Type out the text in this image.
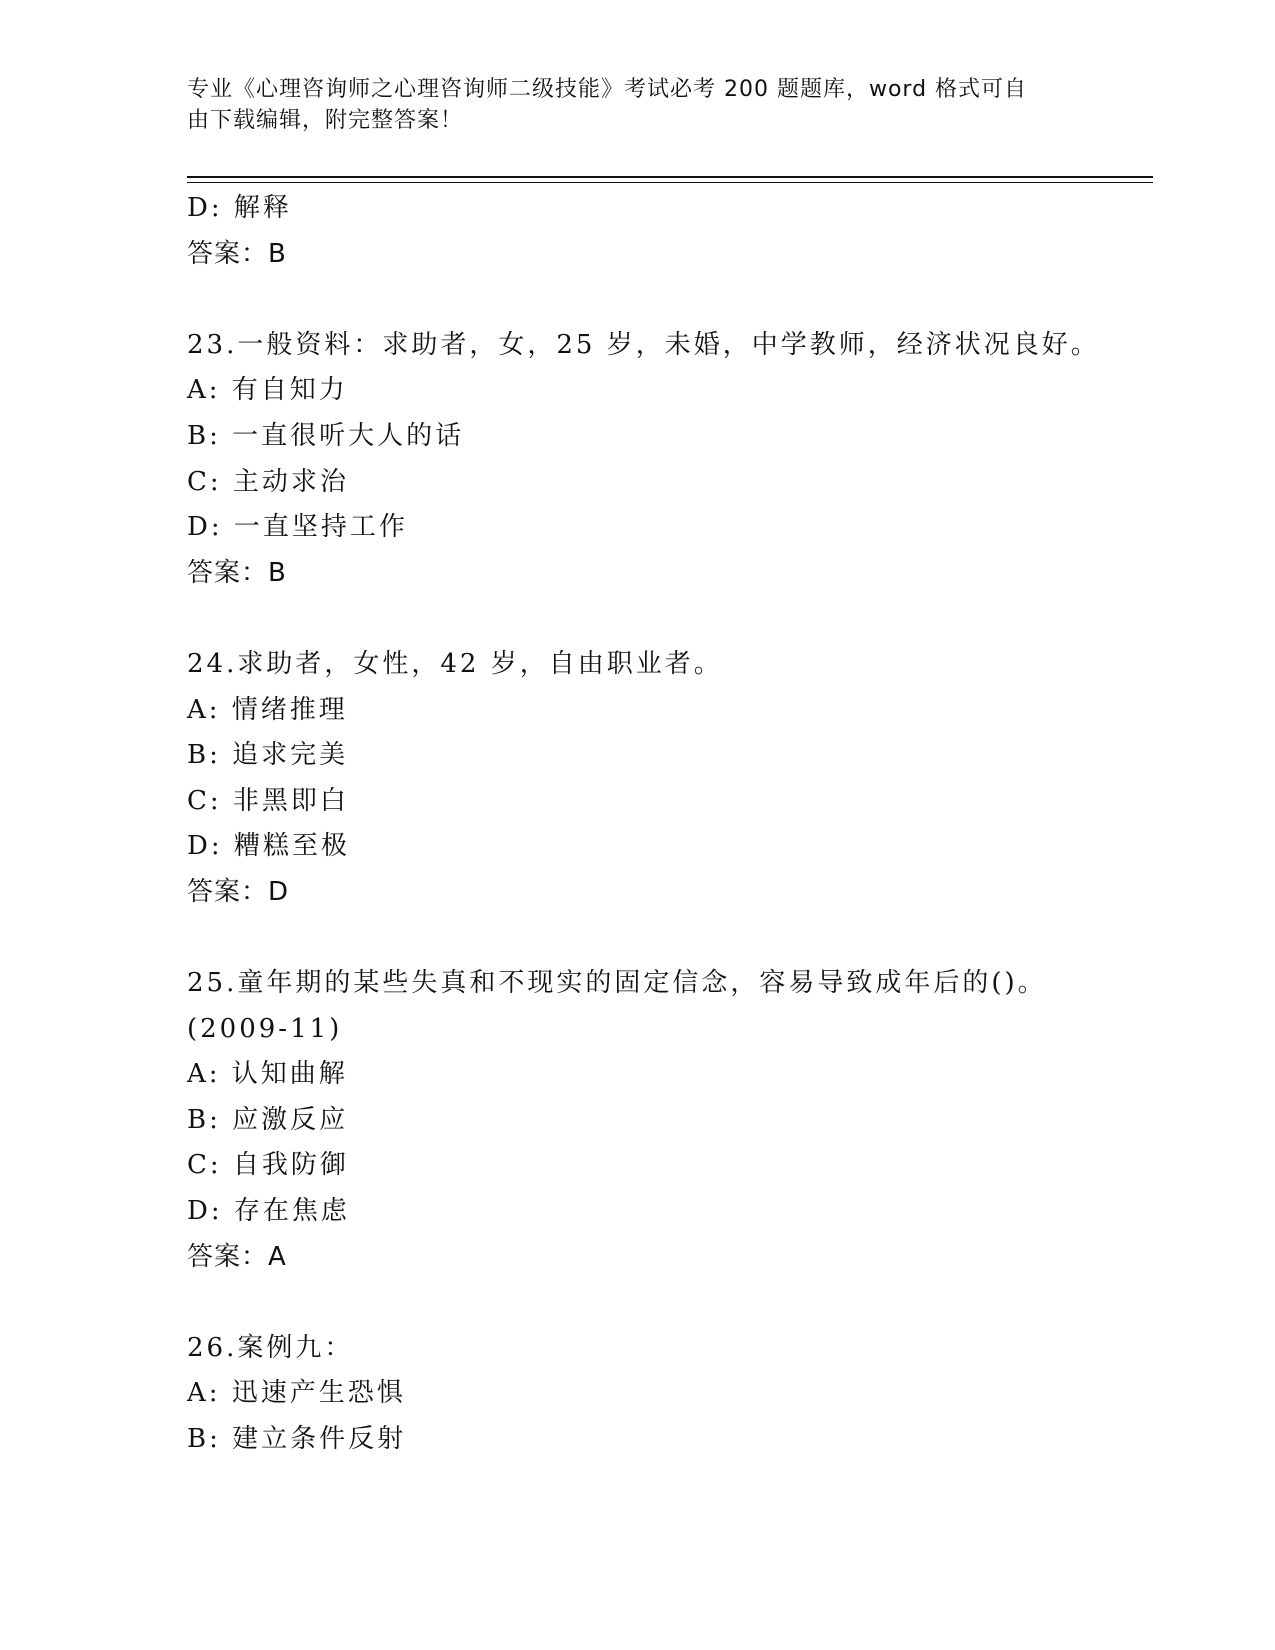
专业《心理咨询师之心理咨询师二级技能》考试必考 200 题题库，word 格式可自
由下载编辑，附完整答案！
D: 解释
答案：B
23.一般资料：求助者，女，25 岁，未婚，中学教师，经济状况良好。
A: 有自知力
B: 一直很听大人的话
C: 主动求治
D: 一直坚持工作
答案：B
24.求助者，女性，42 岁，自由职业者。
A: 情绪推理
B: 追求完美
C: 非黑即白
D: 糟糕至极
答案：D
25.童年期的某些失真和不现实的固定信念，容易导致成年后的()。
(2009-11)
A: 认知曲解
B: 应激反应
C: 自我防御
D: 存在焦虑
答案：A
26.案例九：
A: 迅速产生恐惧
B: 建立条件反射
